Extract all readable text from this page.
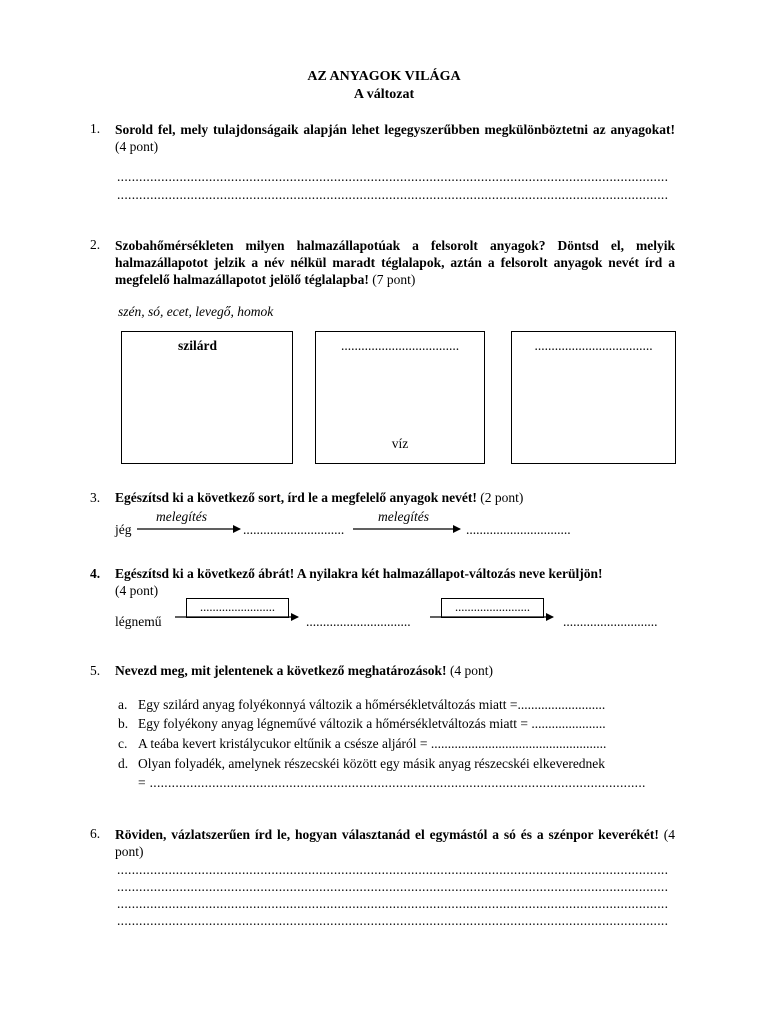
AZ ANYAGOK VILÁGA
A változat
1. Sorold fel, mely tulajdonságaik alapján lehet legegyszerűbben megkülönböztetni az anyagokat! (4 pont)
......................................................................................................................................................
......................................................................................................................................................
2. Szobahőmérsékleten milyen halmazállapotúak a felsorolt anyagok? Döntsd el, melyik halmazállapotot jelzik a név nélkül maradt téglalapok, aztán a felsorolt anyagok nevét írd a megfelelő halmazállapotot jelölő téglalapba! (7 pont)
szén, só, ecet, levegő, homok
szilárd	...................................
víz
...................................
3. Egészítsd ki a következő sort, írd le a megfelelő anyagok nevét! (2 pont)
melegítés	melegítés
jég	..............................	...............................
4. Egészítsd ki a következő ábrát! A nyilakra két halmazállapot-változás neve kerüljön!
(4 pont)
légnemű
........................	........................
...............................	............................
5. Nevezd meg, mit jelentenek a következő meghatározások! (4 pont)
a. Egy szilárd anyag folyékonnyá változik a hőmérsékletváltozás miatt =..........................
b. Egy folyékony anyag légneművé változik a hőmérsékletváltozás miatt = ......................
c. A teába kevert kristálycukor eltűnik a csésze aljáról = ....................................................
d. Olyan folyadék, amelynek részecskéi között egy másik anyag részecskéi elkeverednek
= .......................................................................................................................................
6. Röviden, vázlatszerűen írd le, hogyan választanád el egymástól a só és a szénpor keverékét! (4 pont)
......................................................................................................................................................
......................................................................................................................................................
......................................................................................................................................................
......................................................................................................................................................
